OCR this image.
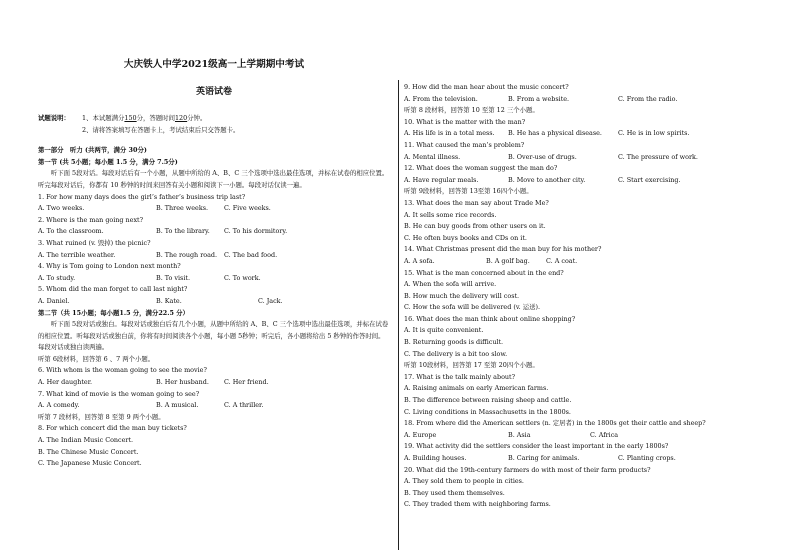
大庆铁人中学2021级高一上学期期中考试
英语试卷
试题说明：	1、本试题满分150分，答题时间120分钟。
2、请将答案填写在答题卡上，考试结束后只交答题卡。
第一部分　听力 (共两节，满分 30分)
第一节 (共 5小题；每小题 1.5 分，满分 7.5分)
听下面 5段对话。每段对话后有一个小题，从题中所给的 A、B、C 三个选项中选出最佳选项，并标在试卷的相应位置。听完每段对话后，你都有 10 秒钟的时间来回答有关小题和阅读下一小题。每段对话仅读一遍。
1. For how many days does the girl’s father’s business trip last?
A. Two weeks.	B. Three weeks.	C. Five weeks.
2. Where is the man going next?
A. To the classroom.	B. To the library.	C. To his dormitory.
3. What ruined (v. 毁掉) the picnic?
A. The terrible weather.	B. The rough road.	C. The bad food.
4. Why is Tom going to London next month?
A. To study.	B. To visit.	C. To work.
5. Whom did the man forget to call last night?
A. Daniel.	B. Kate.	C. Jack.
第二节（共 15小题；每小题1.5 分，满分22.5 分）
听下面 5段对话或独白。每段对话或独白后有几个小题，从题中所给的 A、B、C 三个选项中选出最佳选项，并标在试卷的相应位置。听每段对话或独白前，你将有时间阅读各个小题，每小题 5秒钟；听完后，各小题将给出 5 秒钟的作答时间。每段对话或独白读两遍。
听第 6段材料，回答第 6 、7 两个小题。
6. With whom is the woman going to see the movie?
A. Her daughter.	B. Her husband.	C. Her friend.
7. What kind of movie is the woman going to see?
A. A comedy.	B. A musical.	C. A thriller.
听第 7 段材料，回答第 8 至第 9 两个小题。
8. For which concert did the man buy tickets?
A. The Indian Music Concert.
B. The Chinese Music Concert.
C. The Japanese Music Concert.
9. How did the man hear about the music concert?
A. From the television.	B. From a website.	C. From the radio.
听第 8 段材料，回答第 10 至第 12 三个小题。
10. What is the matter with the man?
A. His life is in a total mess.	B. He has a physical disease.	C. He is in low spirits.
11. What caused the man’s problem?
A. Mental illness.	B. Over-use of drugs.	C. The pressure of work.
12. What does the woman suggest the man do?
A. Have regular meals.	B. Move to another city.	C. Start exercising.
听第 9段材料，回答第 13至第 16四个小题。
13. What does the man say about Trade Me?
A. It sells some rice records.
B. He can buy goods from other users on it.
C. He often buys books and CDs on it.
14. What Christmas present did the man buy for his mother?
A. A sofa.	B. A golf bag.	C. A coat.
15. What is the man concerned about in the end?
A. When the sofa will arrive.
B. How much the delivery will cost.
C. How the sofa will be delivered (v. 运送).
16. What does the man think about online shopping?
A. It is quite convenient.
B. Returning goods is difficult.
C. The delivery is a bit too slow.
听第 10段材料，回答第 17 至第 20四个小题。
17. What is the talk mainly about?
A. Raising animals on early American farms.
B. The difference between raising sheep and cattle.
C. Living conditions in Massachusetts in the 1800s.
18. From where did the American settlers (n. 定居者) in the 1800s get their cattle and sheep?
A. Europe	B. Asia	C. Africa
19. What activity did the settlers consider the least important in the early 1800s?
A. Building houses.	B. Caring for animals.	C. Planting crops.
20. What did the 19th-century farmers do with most of their farm products?
A. They sold them to people in cities.
B. They used them themselves.
C. They traded them with neighboring farms.
